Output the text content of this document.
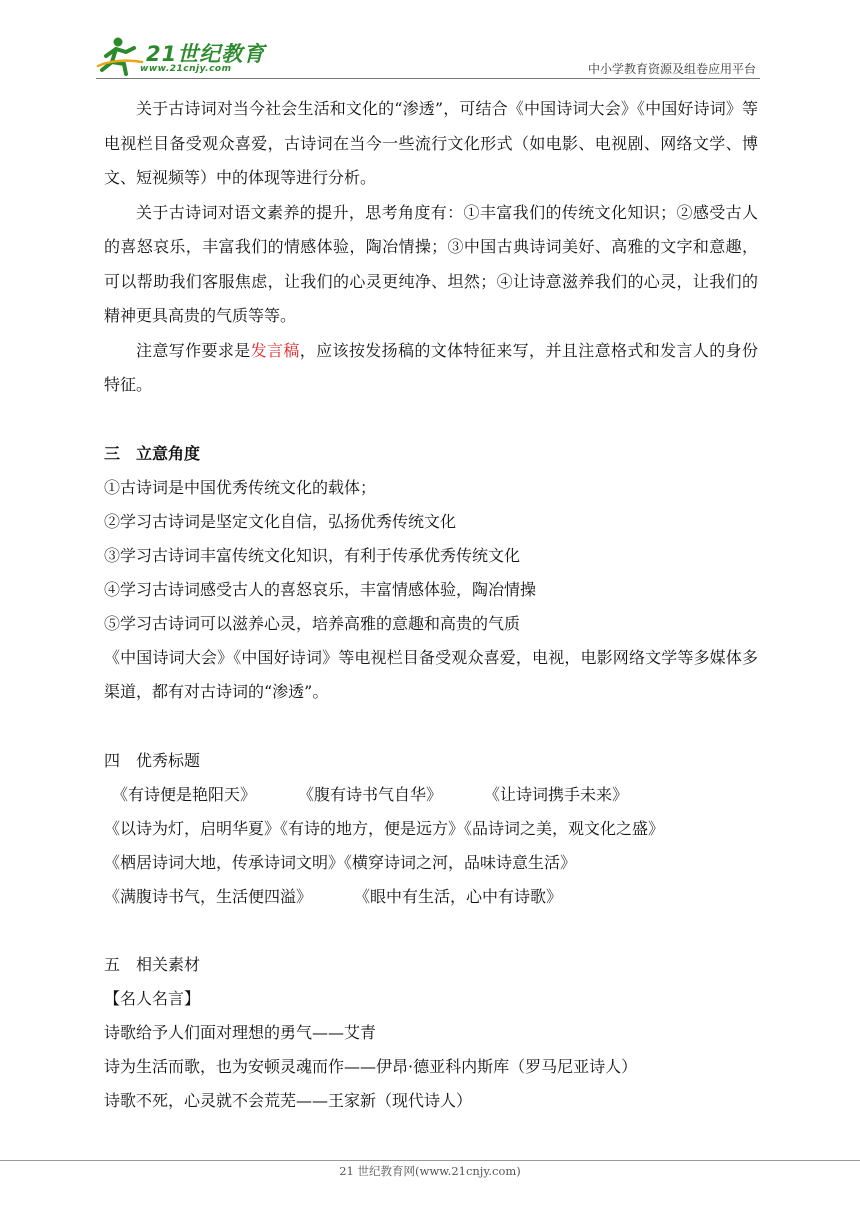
21世纪教育
www.21cnjy.com	中小学教育资源及组卷应用平台

关于古诗词对当今社会生活和文化的“渗透”，可结合《中国诗词大会》《中国好诗词》等电视栏目备受观众喜爱，古诗词在当今一些流行文化形式（如电影、电视剧、网络文学、博文、短视频等）中的体现等进行分析。

关于古诗词对语文素养的提升，思考角度有：①丰富我们的传统文化知识；②感受古人的喜怒哀乐，丰富我们的情感体验，陶冶情操；③中国古典诗词美好、高雅的文字和意趣，可以帮助我们客服焦虑，让我们的心灵更纯净、坦然；④让诗意滋养我们的心灵，让我们的精神更具高贵的气质等等。

注意写作要求是发言稿，应该按发扬稿的文体特征来写，并且注意格式和发言人的身份特征。

三　立意角度

①古诗词是中国优秀传统文化的载体；

②学习古诗词是坚定文化自信，弘扬优秀传统文化

③学习古诗词丰富传统文化知识，有利于传承优秀传统文化

④学习古诗词感受古人的喜怒哀乐，丰富情感体验，陶冶情操

⑤学习古诗词可以滋养心灵，培养高雅的意趣和高贵的气质

《中国诗词大会》《中国好诗词》等电视栏目备受观众喜爱，电视，电影网络文学等多媒体多渠道，都有对古诗词的“渗透”。

四　优秀标题

《有诗便是艳阳天》	《腹有诗书气自华》	《让诗词携手未来》

《以诗为灯，启明华夏》《有诗的地方，便是远方》《品诗词之美，观文化之盛》

《栖居诗词大地，传承诗词文明》《横穿诗词之河，品味诗意生活》

《满腹诗书气，生活便四溢》	《眼中有生活，心中有诗歌》

五　相关素材

【名人名言】

诗歌给予人们面对理想的勇气——艾青

诗为生活而歌，也为安顿灵魂而作——伊昂·德亚科内斯库（罗马尼亚诗人）

诗歌不死，心灵就不会荒芜——王家新（现代诗人）

21 世纪教育网(www.21cnjy.com)
